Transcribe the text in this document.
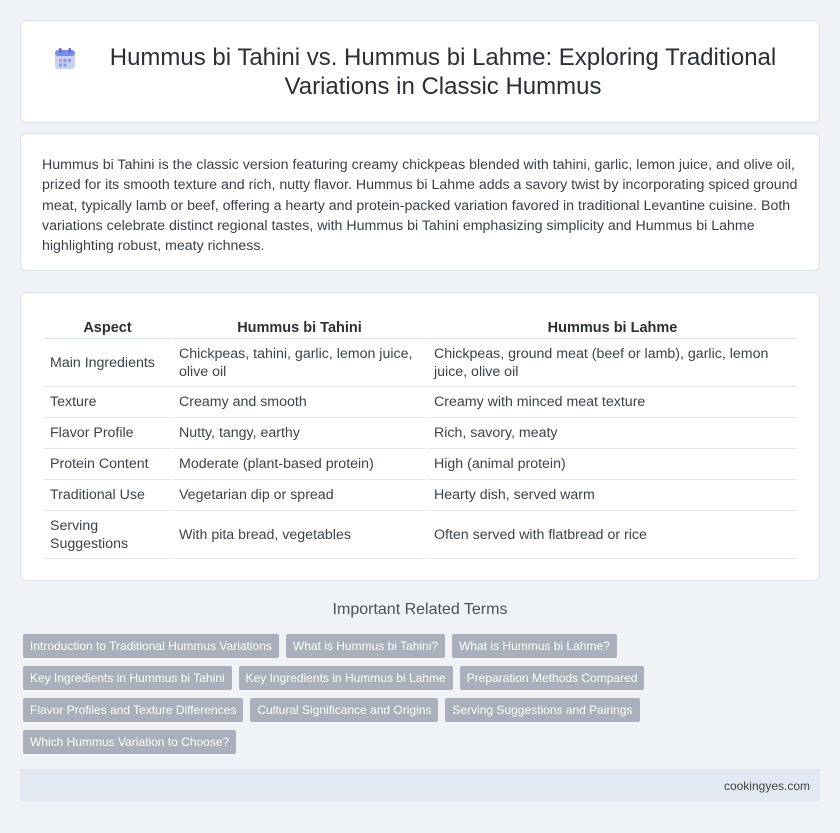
Hummus bi Tahini vs. Hummus bi Lahme: Exploring Traditional Variations in Classic Hummus

Hummus bi Tahini is the classic version featuring creamy chickpeas blended with tahini, garlic, lemon juice, and olive oil, prized for its smooth texture and rich, nutty flavor. Hummus bi Lahme adds a savory twist by incorporating spiced ground meat, typically lamb or beef, offering a hearty and protein-packed variation favored in traditional Levantine cuisine. Both variations celebrate distinct regional tastes, with Hummus bi Tahini emphasizing simplicity and Hummus bi Lahme highlighting robust, meaty richness.

Aspect	Hummus bi Tahini	Hummus bi Lahme
Main Ingredients	Chickpeas, tahini, garlic, lemon juice, olive oil	Chickpeas, ground meat (beef or lamb), garlic, lemon juice, olive oil
Texture	Creamy and smooth	Creamy with minced meat texture
Flavor Profile	Nutty, tangy, earthy	Rich, savory, meaty
Protein Content	Moderate (plant-based protein)	High (animal protein)
Traditional Use	Vegetarian dip or spread	Hearty dish, served warm
Serving Suggestions	With pita bread, vegetables	Often served with flatbread or rice
Important Related Terms
Introduction to Traditional Hummus Variations	What is Hummus bi Tahini?	What is Hummus bi Lahme?
Key Ingredients in Hummus bi Tahini	Key Ingredients in Hummus bi Lahme	Preparation Methods Compared
Flavor Profiles and Texture Differences	Cultural Significance and Origins	Serving Suggestions and Pairings
Which Hummus Variation to Choose?
cookingyes.com
